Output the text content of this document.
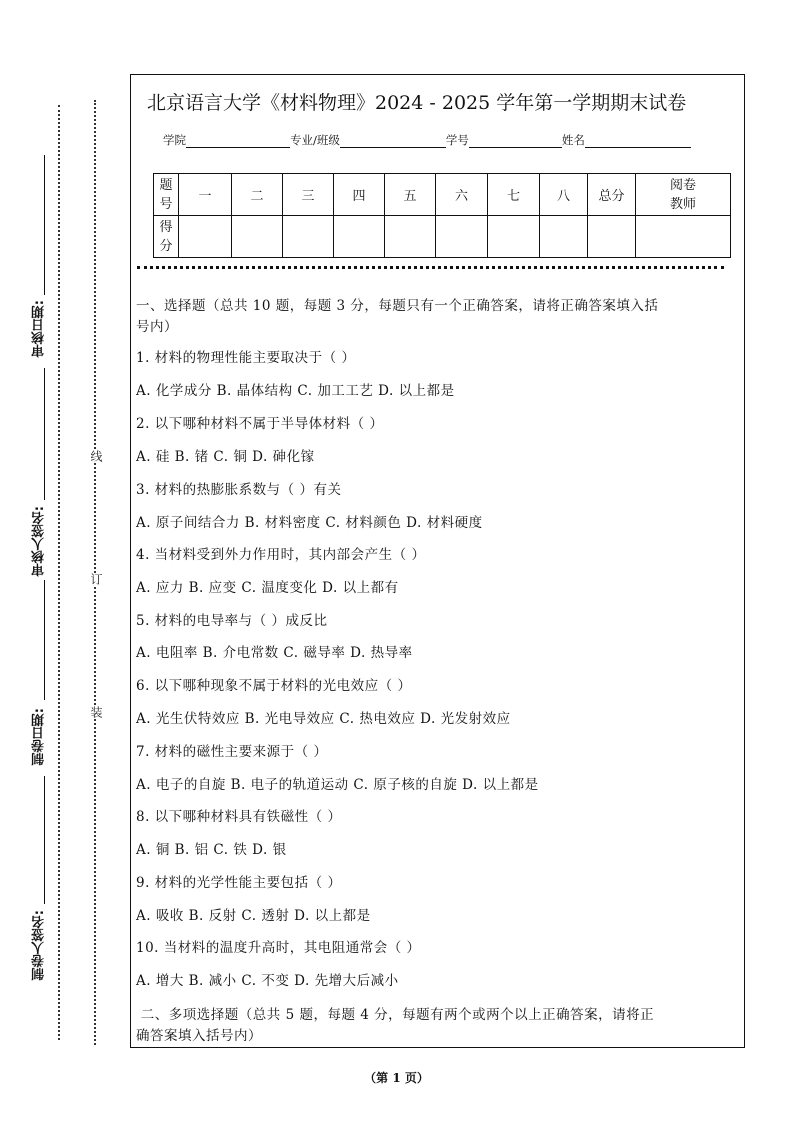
审核日期:
审核人签名:
制卷日期:
制卷人签名:
线
订
装
北京语言大学《材料物理》2024 - 2025 学年第一学期期末试卷
学院	专业/班级	学号	姓名
题号	一	二	三	四	五	六	七	八	总分	阅卷教师

得分										

一、选择题（总共 10 题，每题 3 分，每题只有一个正确答案，请将正确答案填入括
号内）
1. 材料的物理性能主要取决于（ ）
A. 化学成分 B. 晶体结构 C. 加工工艺 D. 以上都是
2. 以下哪种材料不属于半导体材料（ ）
A. 硅 B. 锗 C. 铜 D. 砷化镓
3. 材料的热膨胀系数与（ ）有关
A. 原子间结合力 B. 材料密度 C. 材料颜色 D. 材料硬度
4. 当材料受到外力作用时，其内部会产生（ ）
A. 应力 B. 应变 C. 温度变化 D. 以上都有
5. 材料的电导率与（ ）成反比
A. 电阻率 B. 介电常数 C. 磁导率 D. 热导率
6. 以下哪种现象不属于材料的光电效应（ ）
A. 光生伏特效应 B. 光电导效应 C. 热电效应 D. 光发射效应
7. 材料的磁性主要来源于（ ）
A. 电子的自旋 B. 电子的轨道运动 C. 原子核的自旋 D. 以上都是
8. 以下哪种材料具有铁磁性（ ）
A. 铜 B. 铝 C. 铁 D. 银
9. 材料的光学性能主要包括（ ）
A. 吸收 B. 反射 C. 透射 D. 以上都是
10. 当材料的温度升高时，其电阻通常会（ ）
A. 增大 B. 减小 C. 不变 D. 先增大后减小
二、多项选择题（总共 5 题，每题 4 分，每题有两个或两个以上正确答案，请将正
确答案填入括号内）
（第 1 页）
